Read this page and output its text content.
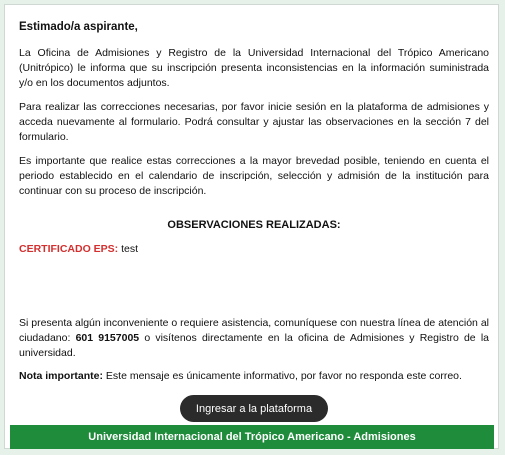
Estimado/a aspirante,

La Oficina de Admisiones y Registro de la Universidad Internacional del Trópico Americano (Unitrópico) le informa que su inscripción presenta inconsistencias en la información suministrada y/o en los documentos adjuntos.

Para realizar las correcciones necesarias, por favor inicie sesión en la plataforma de admisiones y acceda nuevamente al formulario. Podrá consultar y ajustar las observaciones en la sección 7 del formulario.

Es importante que realice estas correcciones a la mayor brevedad posible, teniendo en cuenta el periodo establecido en el calendario de inscripción, selección y admisión de la institución para continuar con su proceso de inscripción.

OBSERVACIONES REALIZADAS:
CERTIFICADO EPS: test
Si presenta algún inconveniente o requiere asistencia, comuníquese con nuestra línea de atención al ciudadano: 601 9157005 o visítenos directamente en la oficina de Admisiones y Registro de la universidad.
Nota importante: Este mensaje es únicamente informativo, por favor no responda este correo.
Ingresar a la plataforma
Universidad Internacional del Trópico Americano - Admisiones
